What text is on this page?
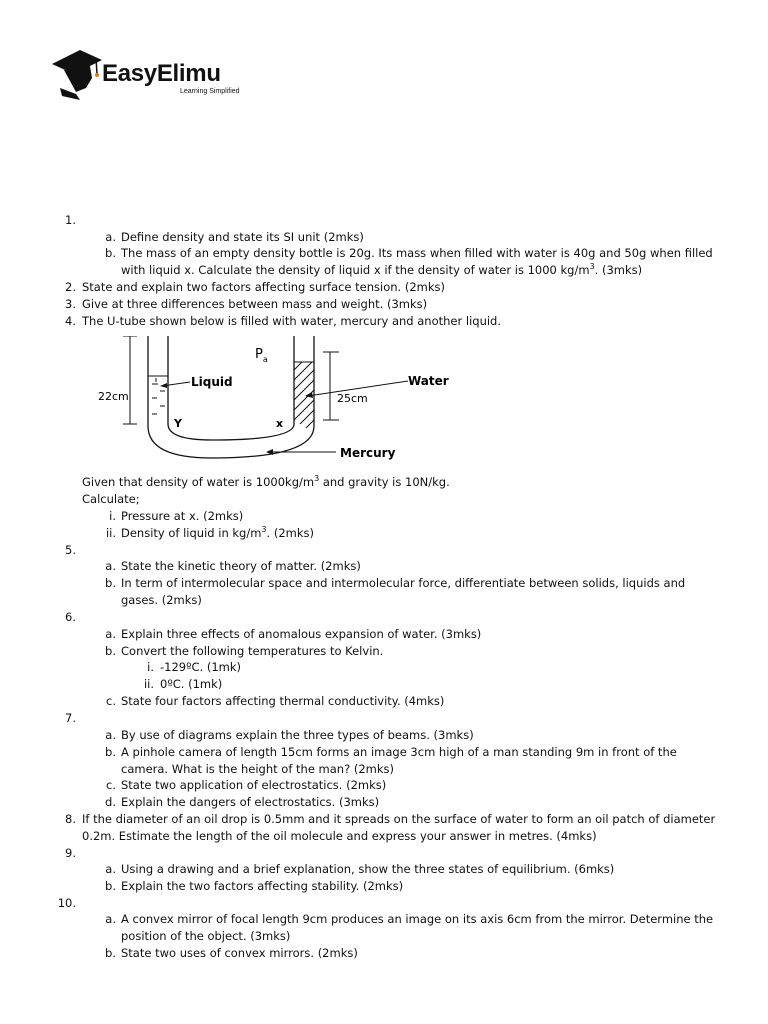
EasyElimu
Learning Simplified
1.
a. Define density and state its SI unit (2mks)
b. The mass of an empty density bottle is 20g. Its mass when filled with water is 40g and 50g when filled
with liquid x. Calculate the density of liquid x if the density of water is 1000 $kg/m^3$. (3mks)
2. State and explain two factors affecting surface tension. (2mks)
3. Give at three differences between mass and weight. (3mks)
4. The U-tube shown below is filled with water, mercury and another liquid.
22cm	25cm
$P_a$
Liquid	Water
Mercury
Y	x
Given that density of water is $1000kg/m^3$ and gravity is 10N/kg.
Calculate;
i. Pressure at x. (2mks)
ii. Density of liquid in $kg/m^3$. (2mks)
5.
a. State the kinetic theory of matter. (2mks)
b. In term of intermolecular space and intermolecular force, differentiate between solids, liquids and
gases. (2mks)
6.
a. Explain three effects of anomalous expansion of water. (3mks)
b. Convert the following temperatures to Kelvin.
i. -129ºC. (1mk)
ii. 0ºC. (1mk)
c. State four factors affecting thermal conductivity. (4mks)
7.
a. By use of diagrams explain the three types of beams. (3mks)
b. A pinhole camera of length 15cm forms an image 3cm high of a man standing 9m in front of the
camera. What is the height of the man? (2mks)
c. State two application of electrostatics. (2mks)
d. Explain the dangers of electrostatics. (3mks)
8. If the diameter of an oil drop is 0.5mm and it spreads on the surface of water to form an oil patch of diameter
0.2m. Estimate the length of the oil molecule and express your answer in metres. (4mks)
9.
a. Using a drawing and a brief explanation, show the three states of equilibrium. (6mks)
b. Explain the two factors affecting stability. (2mks)
10.
a. A convex mirror of focal length 9cm produces an image on its axis 6cm from the mirror. Determine the
position of the object. (3mks)
b. State two uses of convex mirrors. (2mks)
